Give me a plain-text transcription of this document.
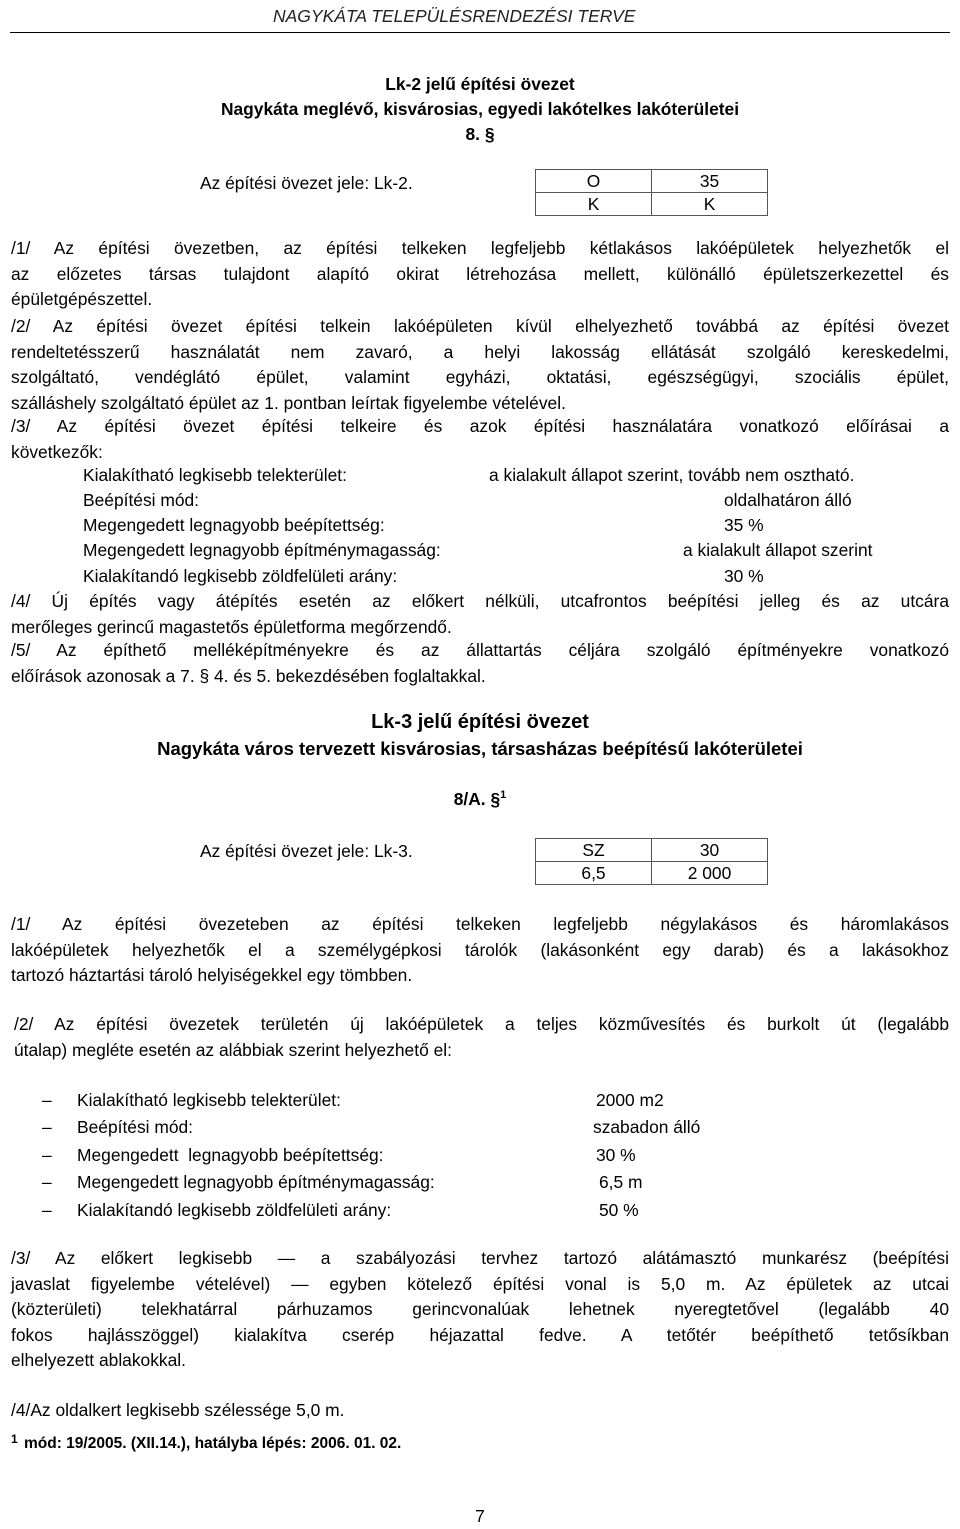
NAGYKÁTA TELEPÜLÉSRENDEZÉSI TERVE
Lk-2 jelű építési övezet
Nagykáta meglévő, kisvárosias, egyedi lakótelkes lakóterületei
8. §
Az építési övezet jele: Lk-2.	O	35
K	K
/1/ Az építési övezetben, az építési telkeken legfeljebb kétlakásos lakóépületek helyezhetők el
az előzetes társas tulajdont alapító okirat létrehozása mellett, különálló épületszerkezettel és
épületgépészettel.
/2/ Az építési övezet építési telkein lakóépületen kívül elhelyezhető továbbá az építési övezet
rendeltetésszerű használatát nem zavaró, a helyi lakosság ellátását szolgáló kereskedelmi,
szolgáltató, vendéglátó épület, valamint egyházi, oktatási, egészségügyi, szociális épület,
szálláshely szolgáltató épület az 1. pontban leírtak figyelembe vételével.
/3/ Az építési övezet építési telkeire és azok építési használatára vonatkozó előírásai a
következők:
Kialakítható legkisebb telekterület:	a kialakult állapot szerint, tovább nem osztható.
Beépítési mód:	oldalhatáron álló
Megengedett legnagyobb beépítettség:	35 %
Megengedett legnagyobb építménymagasság:	a kialakult állapot szerint
Kialakítandó legkisebb zöldfelületi arány:	30 %
/4/ Új építés vagy átépítés esetén az előkert nélküli, utcafrontos beépítési jelleg és az utcára
merőleges gerincű magastetős épületforma megőrzendő.
/5/ Az építhető melléképítményekre és az állattartás céljára szolgáló építményekre vonatkozó
előírások azonosak a 7. § 4. és 5. bekezdésében foglaltakkal.
Lk-3 jelű építési övezet
Nagykáta város tervezett kisvárosias, társasházas beépítésű lakóterületei
8/A. §$^1$
Az építési övezet jele: Lk-3.	SZ	30
6,5	2 000
/1/ Az építési övezeteben az építési telkeken legfeljebb négylakásos és háromlakásos
lakóépületek helyezhetők el a személygépkosi tárolók (lakásonként egy darab) és a lakásokhoz
tartozó háztartási tároló helyiségekkel egy tömbben.
/2/ Az építési övezetek területén új lakóépületek a teljes közművesítés és burkolt út (legalább
útalap) megléte esetén az alábbiak szerint helyezhető el:
– Kialakítható legkisebb telekterület:	2000 m2
– Beépítési mód:	szabadon álló
– Megengedett  legnagyobb beépítettség:	30 %
– Megengedett legnagyobb építménymagasság:	6,5 m
– Kialakítandó legkisebb zöldfelületi arány:	50 %
/3/ Az előkert legkisebb — a szabályozási tervhez tartozó alátámasztó munkarész (beépítési
javaslat figyelembe vételével) — egyben kötelező építési vonal is 5,0 m. Az épületek az utcai
(közterületi) telekhatárral párhuzamos gerincvonalúak lehetnek nyeregtetővel (legalább 40
fokos hajlásszöggel) kialakítva cserép héjazattal fedve. A tetőtér beépíthető tetősíkban
elhelyezett ablakokkal.
/4/Az oldalkert legkisebb szélessége 5,0 m.
1 mód: 19/2005. (XII.14.), hatályba lépés: 2006. 01. 02.
7
